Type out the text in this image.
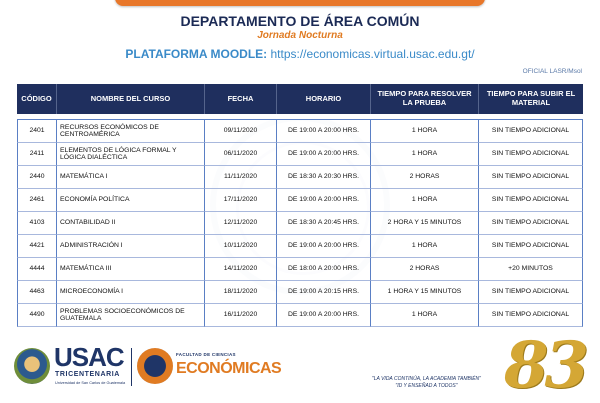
DEPARTAMENTO DE ÁREA COMÚN
Jornada Nocturna
PLATAFORMA MOODLE: https://economicas.virtual.usac.edu.gt/
OFICIAL LASR/Msol
CÓDIGO	NOMBRE DEL CURSO	FECHA	HORARIO	TIEMPO PARA RESOLVER LA PRUEBA	TIEMPO PARA SUBIR EL MATERIAL

2401	RECURSOS ECONÓMICOS DE CENTROAMÉRICA	09/11/2020	DE 19:00 A 20:00 HRS.	1 HORA	SIN TIEMPO ADICIONAL
2411	ELEMENTOS DE LÓGICA FORMAL Y LÓGICA DIALÉCTICA	06/11/2020	DE 19:00 A 20:00 HRS.	1 HORA	SIN TIEMPO ADICIONAL
2440	MATEMÁTICA I	11/11/2020	DE 18:30 A 20:30 HRS.	2 HORAS	SIN TIEMPO ADICIONAL
2461	ECONOMÍA POLÍTICA	17/11/2020	DE 19:00 A 20:00 HRS.	1 HORA	SIN TIEMPO ADICIONAL
4103	CONTABILIDAD II	12/11/2020	DE 18:30 A 20:45 HRS.	2 HORA Y 15 MINUTOS	SIN TIEMPO ADICIONAL
4421	ADMINISTRACIÓN I	10/11/2020	DE 19:00 A 20:00 HRS.	1 HORA	SIN TIEMPO ADICIONAL
4444	MATEMÁTICA III	14/11/2020	DE 18:00 A 20:00 HRS.	2 HORAS	+20 MINUTOS
4463	MICROECONOMÍA I	18/11/2020	DE 19:00 A 20:15 HRS.	1 HORA Y 15 MINUTOS	SIN TIEMPO ADICIONAL
4490	PROBLEMAS SOCIOECONÓMICOS DE GUATEMALA	16/11/2020	DE 19:00 A 20:00 HRS.	1 HORA	SIN TIEMPO ADICIONAL
USAC
TRICENTENARIA
Universidad de San Carlos de Guatemala
FACULTAD DE CIENCIAS
ECONÓMICAS
"LA VIDA CONTINÚA, LA ACADEMIA TAMBIÉN"
"ID Y ENSEÑAD A TODOS" 83
